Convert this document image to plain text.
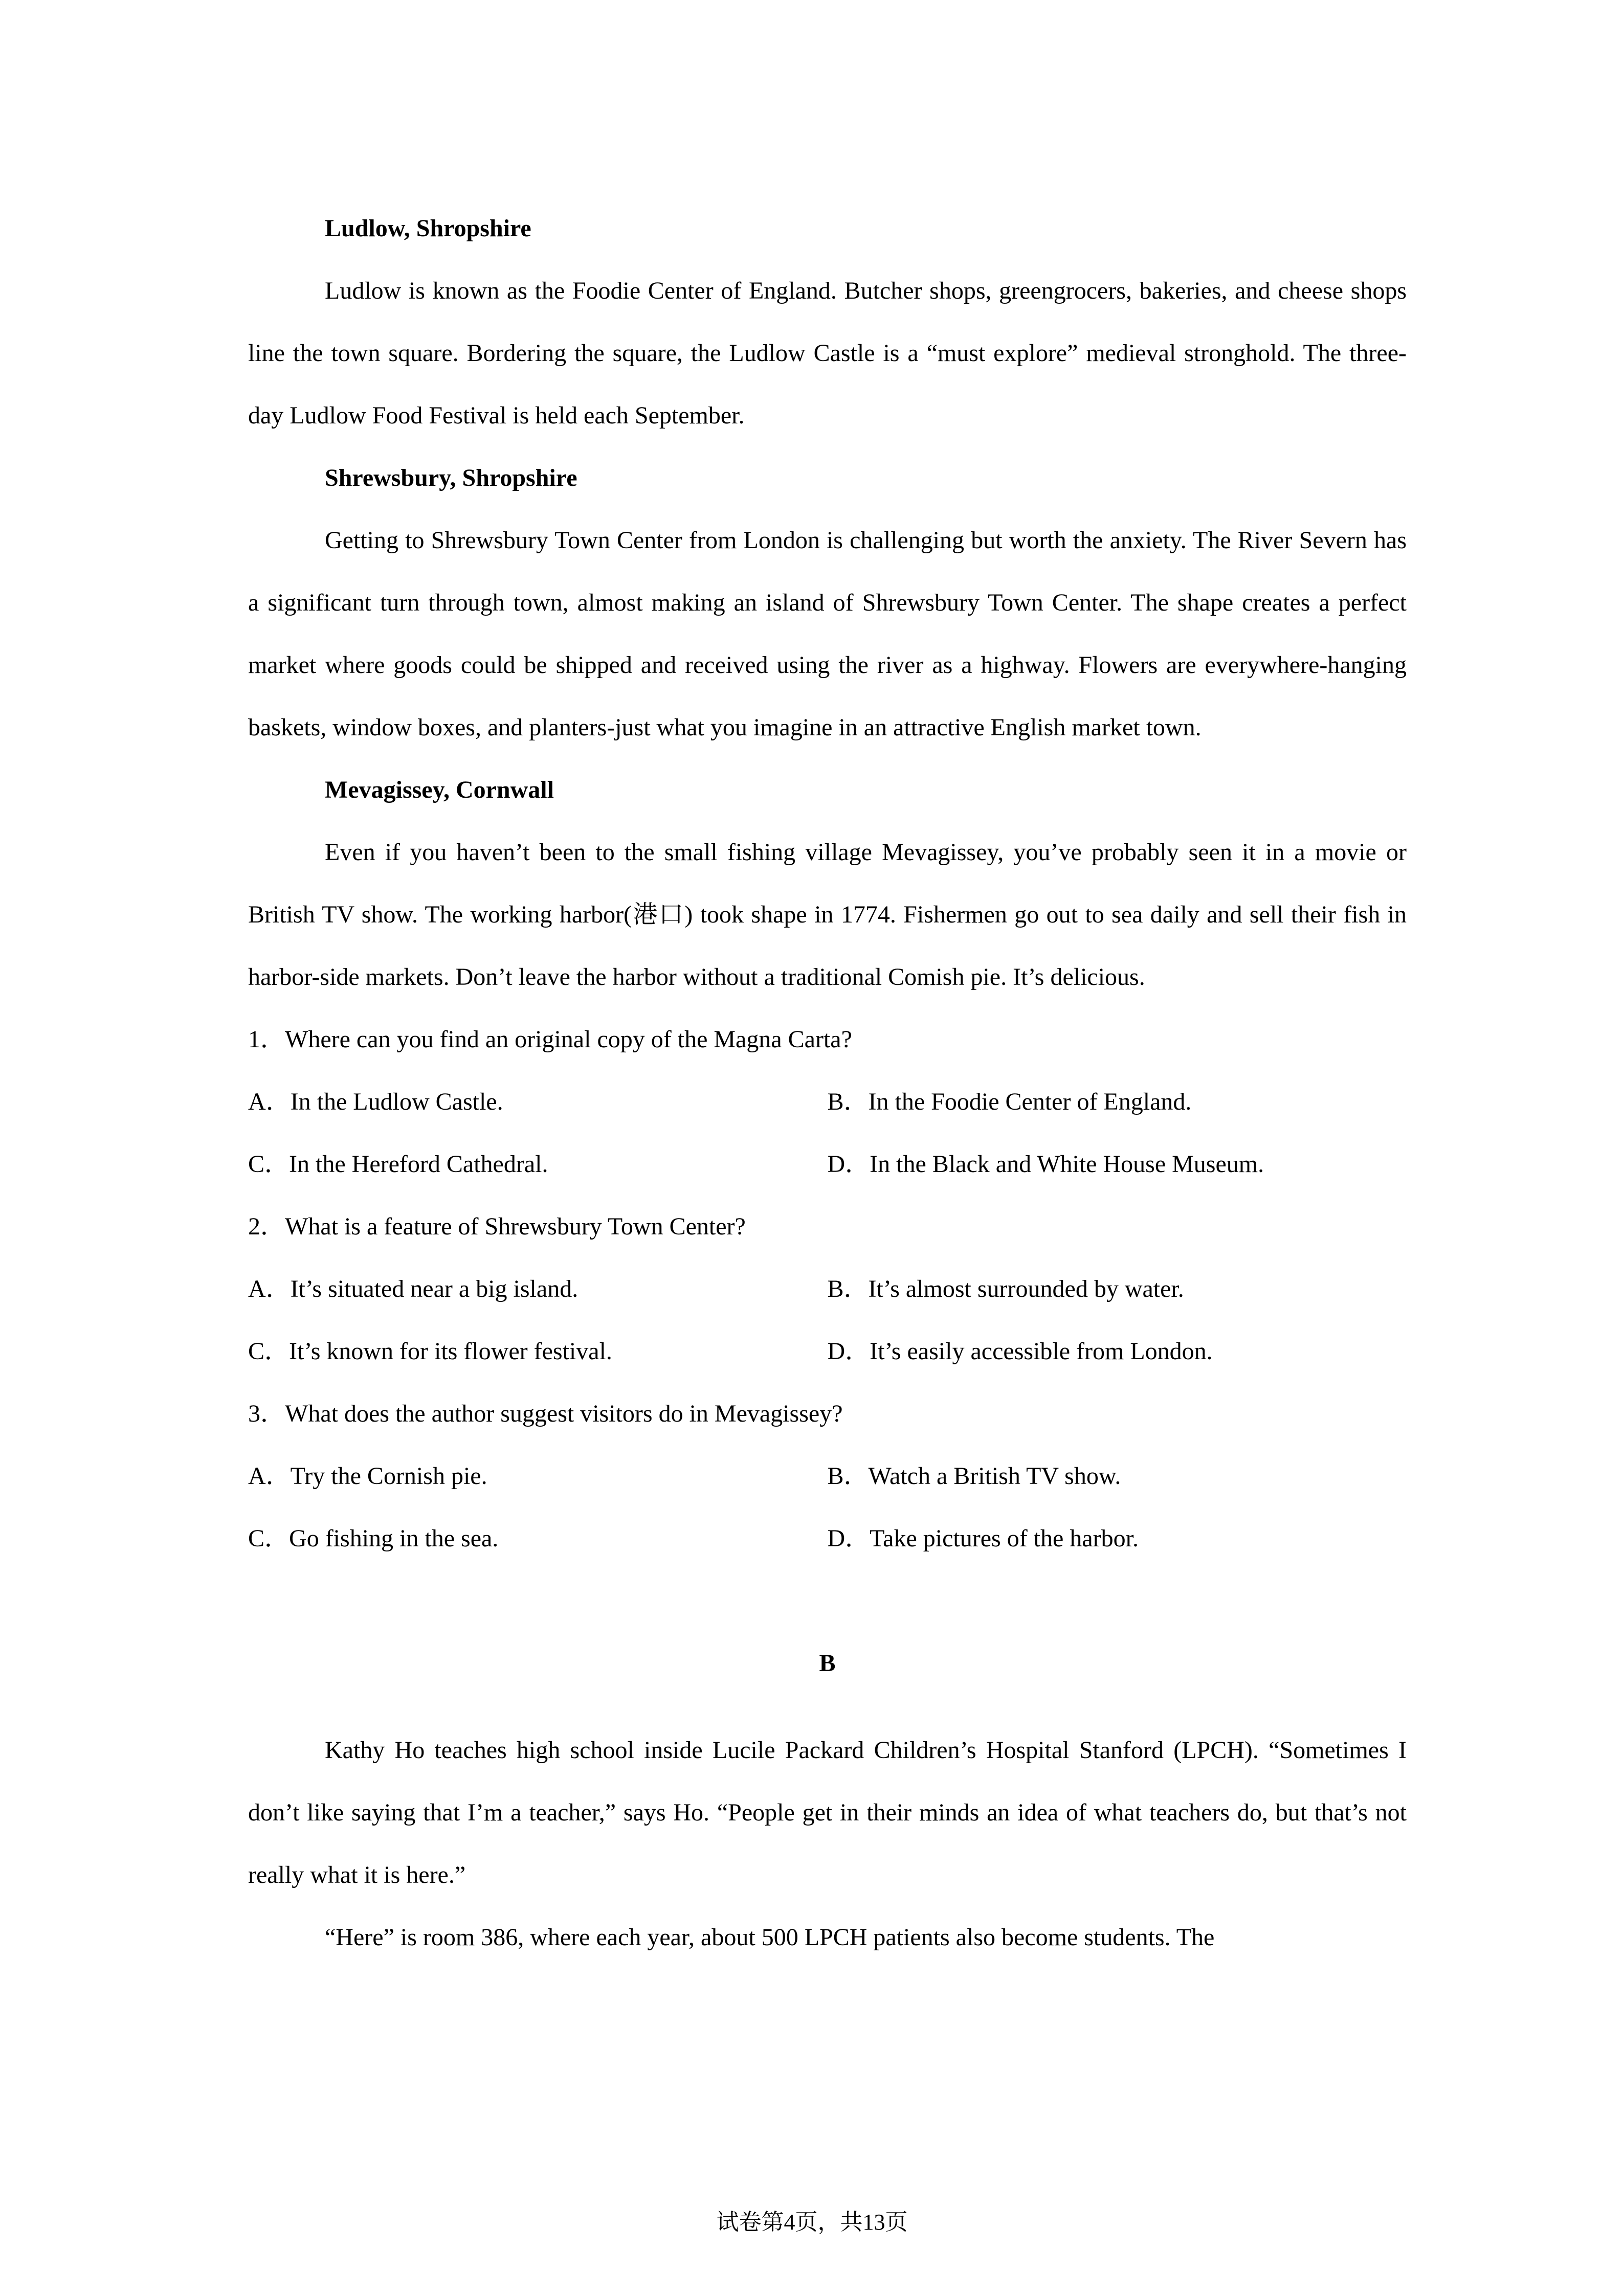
Ludlow, Shropshire

Ludlow is known as the Foodie Center of England. Butcher shops, greengrocers, bakeries, and cheese shops line the town square. Bordering the square, the Ludlow Castle is a “must explore” medieval stronghold. The three-day Ludlow Food Festival is held each September.

Shrewsbury, Shropshire

Getting to Shrewsbury Town Center from London is challenging but worth the anxiety. The River Severn has a significant turn through town, almost making an island of Shrewsbury Town Center. The shape creates a perfect market where goods could be shipped and received using the river as a highway. Flowers are everywhere-hanging baskets, window boxes, and planters-just what you imagine in an attractive English market town.

Mevagissey, Cornwall

Even if you haven’t been to the small fishing village Mevagissey, you’ve probably seen it in a movie or British TV show. The working harbor(港口) took shape in 1774. Fishermen go out to sea daily and sell their fish in harbor-side markets. Don’t leave the harbor without a traditional Comish pie. It’s delicious.

1．Where can you find an original copy of the Magna Carta?

A．In the Ludlow Castle.	B．In the Foodie Center of England.
C．In the Hereford Cathedral.	D．In the Black and White House Museum.

2．What is a feature of Shrewsbury Town Center?

A．It’s situated near a big island.	B．It’s almost surrounded by water.
C．It’s known for its flower festival.	D．It’s easily accessible from London.

3．What does the author suggest visitors do in Mevagissey?

A．Try the Cornish pie.	B．Watch a British TV show.
C．Go fishing in the sea.	D．Take pictures of the harbor.

B

Kathy Ho teaches high school inside Lucile Packard Children’s Hospital Stanford (LPCH). “Sometimes I don’t like saying that I’m a teacher,” says Ho. “People get in their minds an idea of what teachers do, but that’s not really what it is here.”

“Here” is room 386, where each year, about 500 LPCH patients also become students. The

试卷第4页，共13页
